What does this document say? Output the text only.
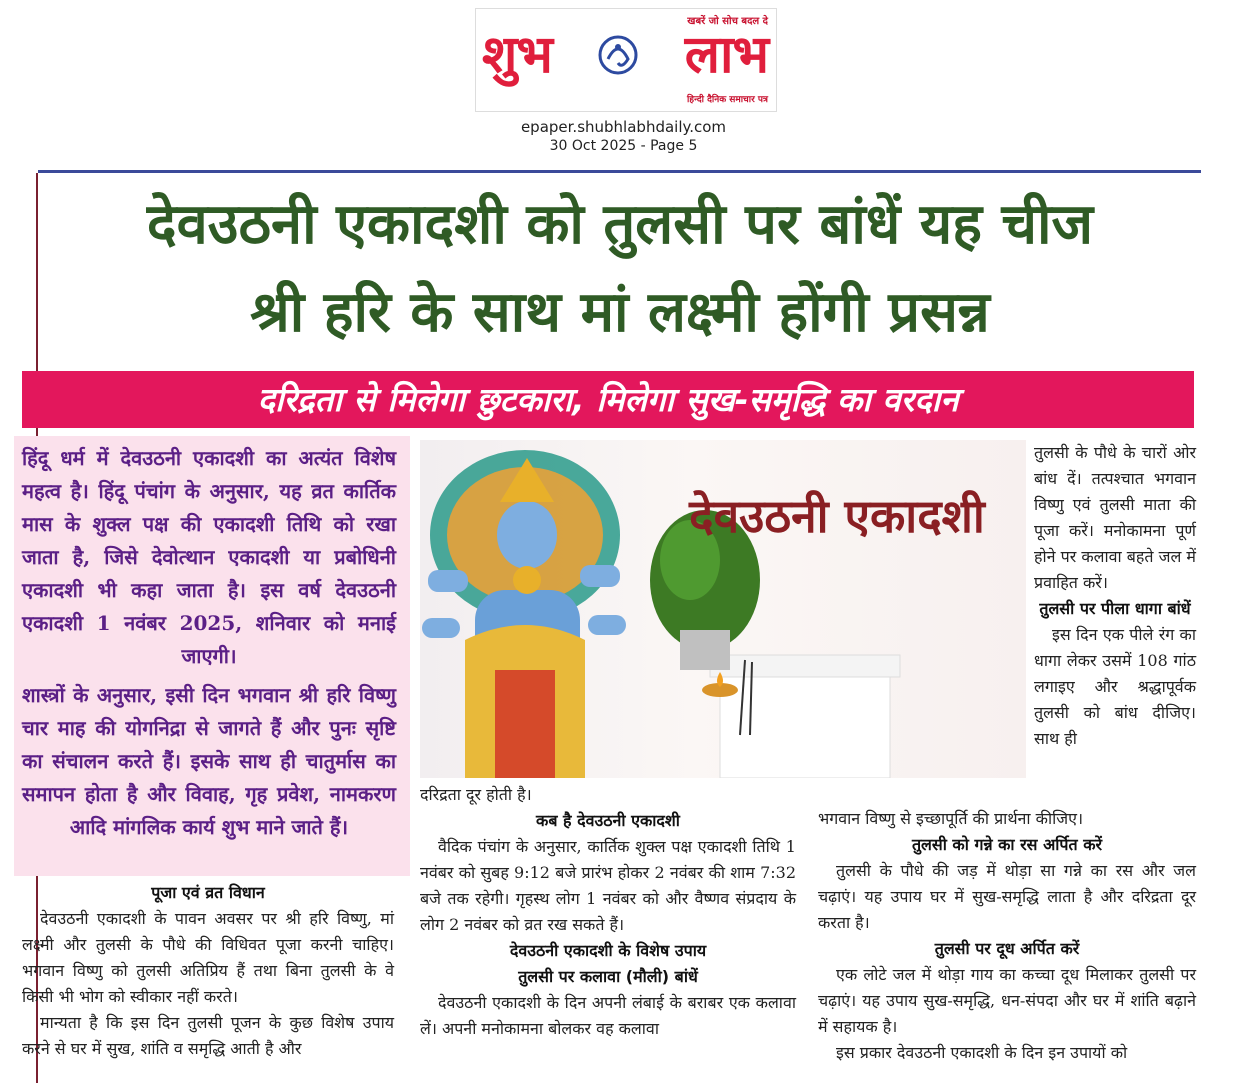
खबरें जो सोच बदल दे
शुभ	लाभ
हिन्दी दैनिक समाचार पत्र
epaper.shubhlabhdaily.com
30 Oct 2025 - Page 5
देवउठनी एकादशी को तुलसी पर बांधें यह चीज
श्री हरि के साथ मां लक्ष्मी होंगी प्रसन्न
दरिद्रता से मिलेगा छुटकारा, मिलेगा सुख-समृद्धि का वरदान

हिंदू धर्म में देवउठनी एकादशी का अत्यंत विशेष महत्व है। हिंदू पंचांग के अनुसार, यह व्रत कार्तिक मास के शुक्ल पक्ष की एकादशी तिथि को रखा जाता है, जिसे देवोत्थान एकादशी या प्रबोधिनी एकादशी भी कहा जाता है। इस वर्ष देवउठनी एकादशी 1 नवंबर 2025, शनिवार को मनाई जाएगी।

शास्त्रों के अनुसार, इसी दिन भगवान श्री हरि विष्णु चार माह की योगनिद्रा से जागते हैं और पुनः सृष्टि का संचालन करते हैं। इसके साथ ही चातुर्मास का समापन होता है और विवाह, गृह प्रवेश, नामकरण आदि मांगलिक कार्य शुभ माने जाते हैं।

देवउठनी एकादशी
पूजा एवं व्रत विधान

देवउठनी एकादशी के पावन अवसर पर श्री हरि विष्णु, मां लक्ष्मी और तुलसी के पौधे की विधिवत पूजा करनी चाहिए। भगवान विष्णु को तुलसी अतिप्रिय हैं तथा बिना तुलसी के वे किसी भी भोग को स्वीकार नहीं करते।

मान्यता है कि इस दिन तुलसी पूजन के कुछ विशेष उपाय करने से घर में सुख, शांति व समृद्धि आती है और

दरिद्रता दूर होती है।

कब है देवउठनी एकादशी

वैदिक पंचांग के अनुसार, कार्तिक शुक्ल पक्ष एकादशी तिथि 1 नवंबर को सुबह 9:12 बजे प्रारंभ होकर 2 नवंबर की शाम 7:32 बजे तक रहेगी। गृहस्थ लोग 1 नवंबर को और वैष्णव संप्रदाय के लोग 2 नवंबर को व्रत रख सकते हैं।

देवउठनी एकादशी के विशेष उपाय
तुलसी पर कलावा (मौली) बांधें

देवउठनी एकादशी के दिन अपनी लंबाई के बराबर एक कलावा लें। अपनी मनोकामना बोलकर वह कलावा

तुलसी के पौधे के चारों ओर बांध दें। तत्पश्चात भगवान विष्णु एवं तुलसी माता की पूजा करें। मनोकामना पूर्ण होने पर कलावा बहते जल में प्रवाहित करें।

तुलसी पर पीला धागा बांधें

इस दिन एक पीले रंग का धागा लेकर उसमें 108 गांठ लगाइए और श्रद्धापूर्वक तुलसी को बांध दीजिए। साथ ही

भगवान विष्णु से इच्छापूर्ति की प्रार्थना कीजिए।

तुलसी को गन्ने का रस अर्पित करें

तुलसी के पौधे की जड़ में थोड़ा सा गन्ने का रस और जल चढ़ाएं। यह उपाय घर में सुख-समृद्धि लाता है और दरिद्रता दूर करता है।

तुलसी पर दूध अर्पित करें

एक लोटे जल में थोड़ा गाय का कच्चा दूध मिलाकर तुलसी पर चढ़ाएं। यह उपाय सुख-समृद्धि, धन-संपदा और घर में शांति बढ़ाने में सहायक है।

इस प्रकार देवउठनी एकादशी के दिन इन उपायों को
